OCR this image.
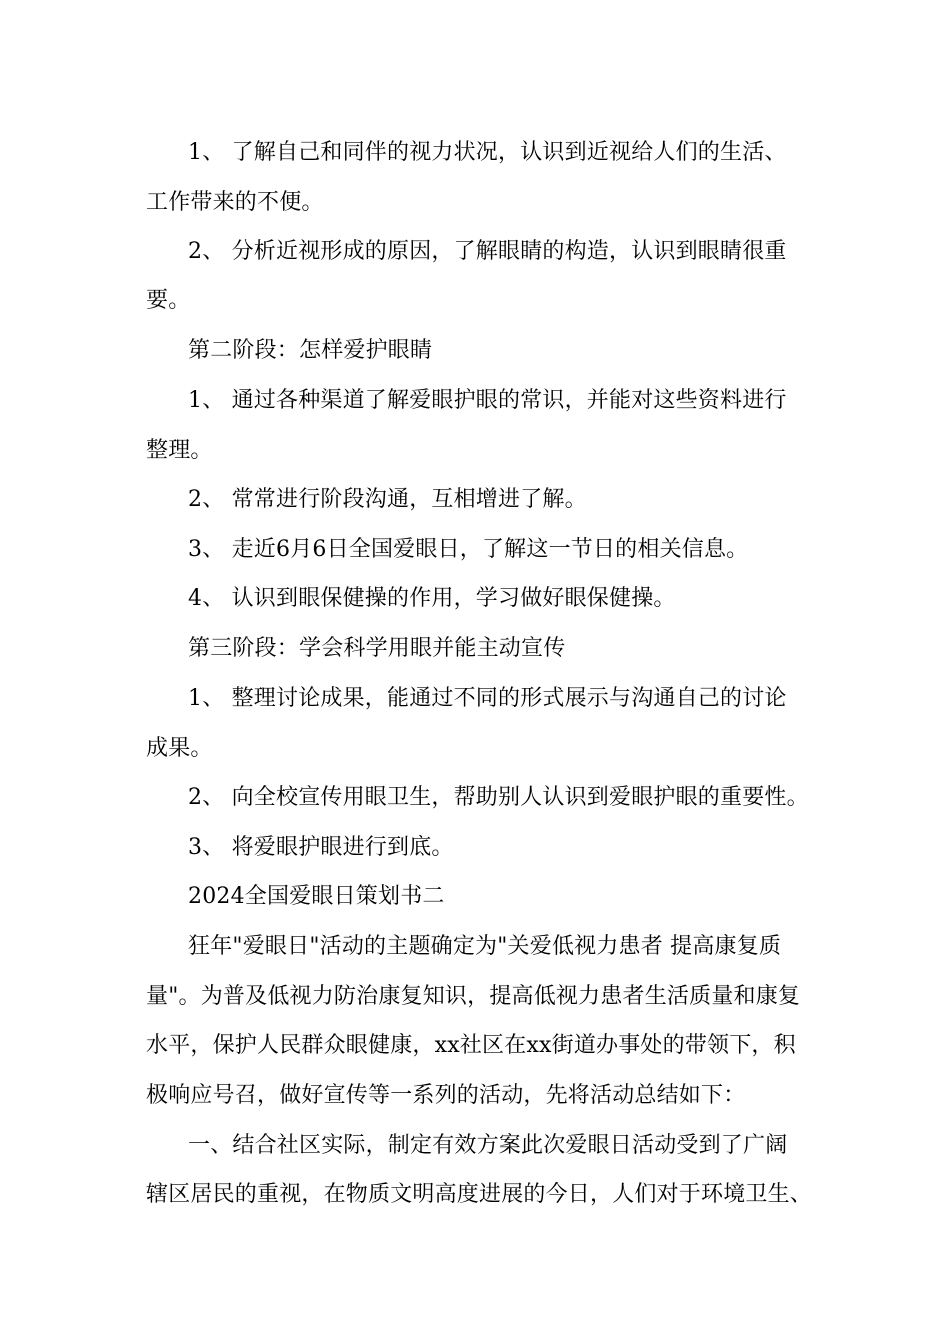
1、 了解自己和同伴的视力状况，认识到近视给人们的生活、
工作带来的不便。
2、 分析近视形成的原因，了解眼睛的构造，认识到眼睛很重
要。
第二阶段：怎样爱护眼睛
1、 通过各种渠道了解爱眼护眼的常识，并能对这些资料进行
整理。
2、 常常进行阶段沟通，互相增进了解。
3、 走近6月6日全国爱眼日，了解这一节日的相关信息。
4、 认识到眼保健操的作用，学习做好眼保健操。
第三阶段：学会科学用眼并能主动宣传
1、 整理讨论成果，能通过不同的形式展示与沟通自己的讨论
成果。
2、 向全校宣传用眼卫生，帮助别人认识到爱眼护眼的重要性。
3、 将爱眼护眼进行到底。
2024全国爱眼日策划书二
狂年"爱眼日"活动的主题确定为"关爱低视力患者 提高康复质
量"。为普及低视力防治康复知识，提高低视力患者生活质量和康复
水平，保护人民群众眼健康，xx社区在xx街道办事处的带领下，积
极响应号召，做好宣传等一系列的活动，先将活动总结如下：
一、结合社区实际，制定有效方案此次爱眼日活动受到了广阔
辖区居民的重视，在物质文明高度进展的今日，人们对于环境卫生、
